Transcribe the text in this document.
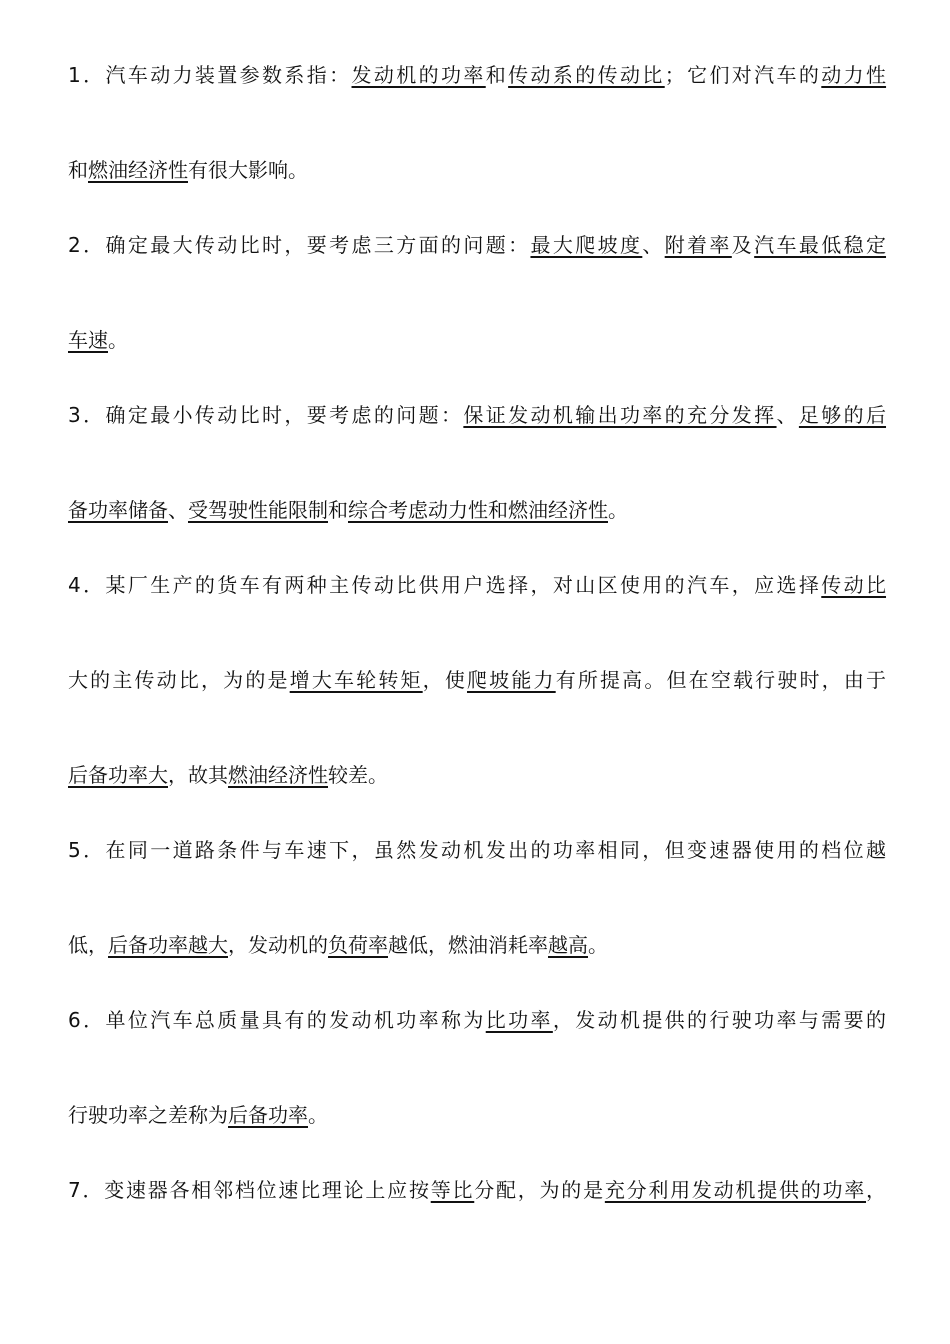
1．汽车动力装置参数系指：发动机的功率和传动系的传动比；它们对汽车的动力性
和燃油经济性有很大影响。
2．确定最大传动比时，要考虑三方面的问题：最大爬坡度、附着率及汽车最低稳定
车速。
3．确定最小传动比时，要考虑的问题：保证发动机输出功率的充分发挥、足够的后
备功率储备、受驾驶性能限制和综合考虑动力性和燃油经济性。
4．某厂生产的货车有两种主传动比供用户选择，对山区使用的汽车，应选择传动比
大的主传动比，为的是增大车轮转矩，使爬坡能力有所提高。但在空载行驶时，由于
后备功率大，故其燃油经济性较差。
5．在同一道路条件与车速下，虽然发动机发出的功率相同，但变速器使用的档位越
低，后备功率越大，发动机的负荷率越低，燃油消耗率越高。
6．单位汽车总质量具有的发动机功率称为比功率，发动机提供的行驶功率与需要的
行驶功率之差称为后备功率。
7．变速器各相邻档位速比理论上应按等比分配，为的是充分利用发动机提供的功率，
